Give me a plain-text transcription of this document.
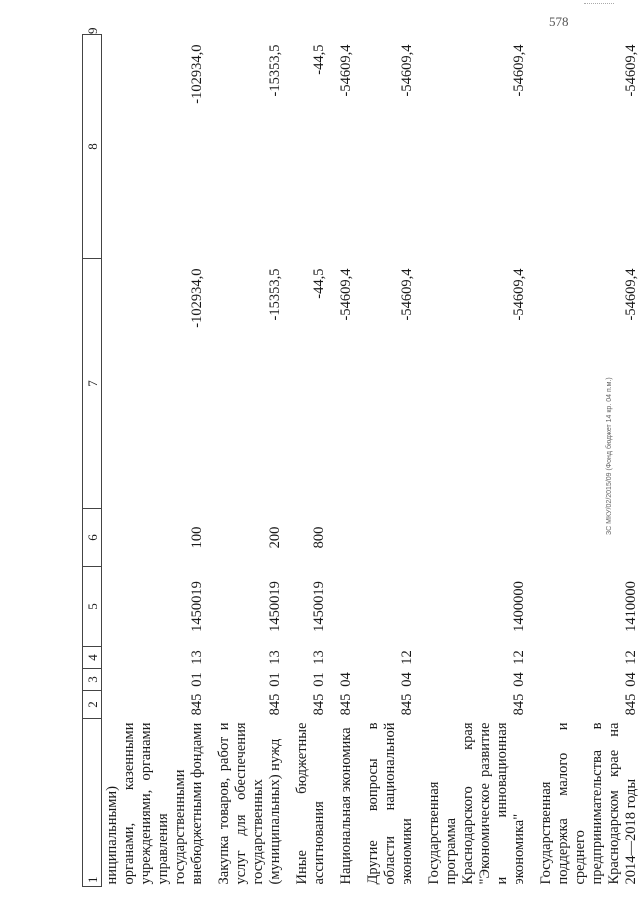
578
1	2	3	4	5	6	7	8	9
ниципальными) органами, казенными учреждениями, органами управления государственными внебюджетными фондами	845	01	13	1450019	100	-102934,0	-102934,0	
Закупка товаров, работ и услуг для обеспечения государственных (муниципальных) нужд	845	01	13	1450019	200	-15353,5	-15353,5	
Иные бюджетные ассигнования	845	01	13	1450019	800	-44,5	-44,5	
Национальная экономика	845	04				-54609,4	-54609,4	
Другие вопросы в области национальной экономики	845	04	12			-54609,4	-54609,4	
Государственная программа Краснодарского края "Экономическое развитие и инновационная экономика"	845	04	12	1400000		-54609,4	-54609,4	
Государственная поддержка малого и среднего предпринимательства в Краснодарском крае на 2014—2018 годы	845	04	12	1410000		-54609,4	-54609,4	
ЗС МКУ/02/2015/09 (Фонд бюджет 14 кр. 04 п.м.)
